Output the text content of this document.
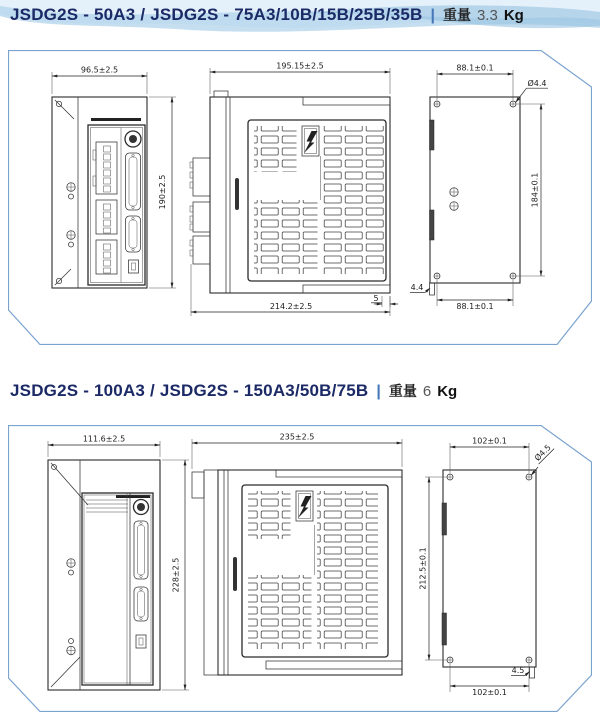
JSDG2S - 50A3 / JSDG2S - 75A3/10B/15B/25B/35B | 重量 3.3 Kg
96.5±2.5
190±2.5
195.15±2.5
214.2±2.5
5
88.1±0.1
Ø4.4
184±0.1
88.1±0.1
4.4
JSDG2S - 100A3 / JSDG2S - 150A3/50B/75B | 重量 6 Kg
111.6±2.5
228±2.5
235±2.5	102±0.1
Ø4.5
212.5±0.1
102±0.1
4.5
